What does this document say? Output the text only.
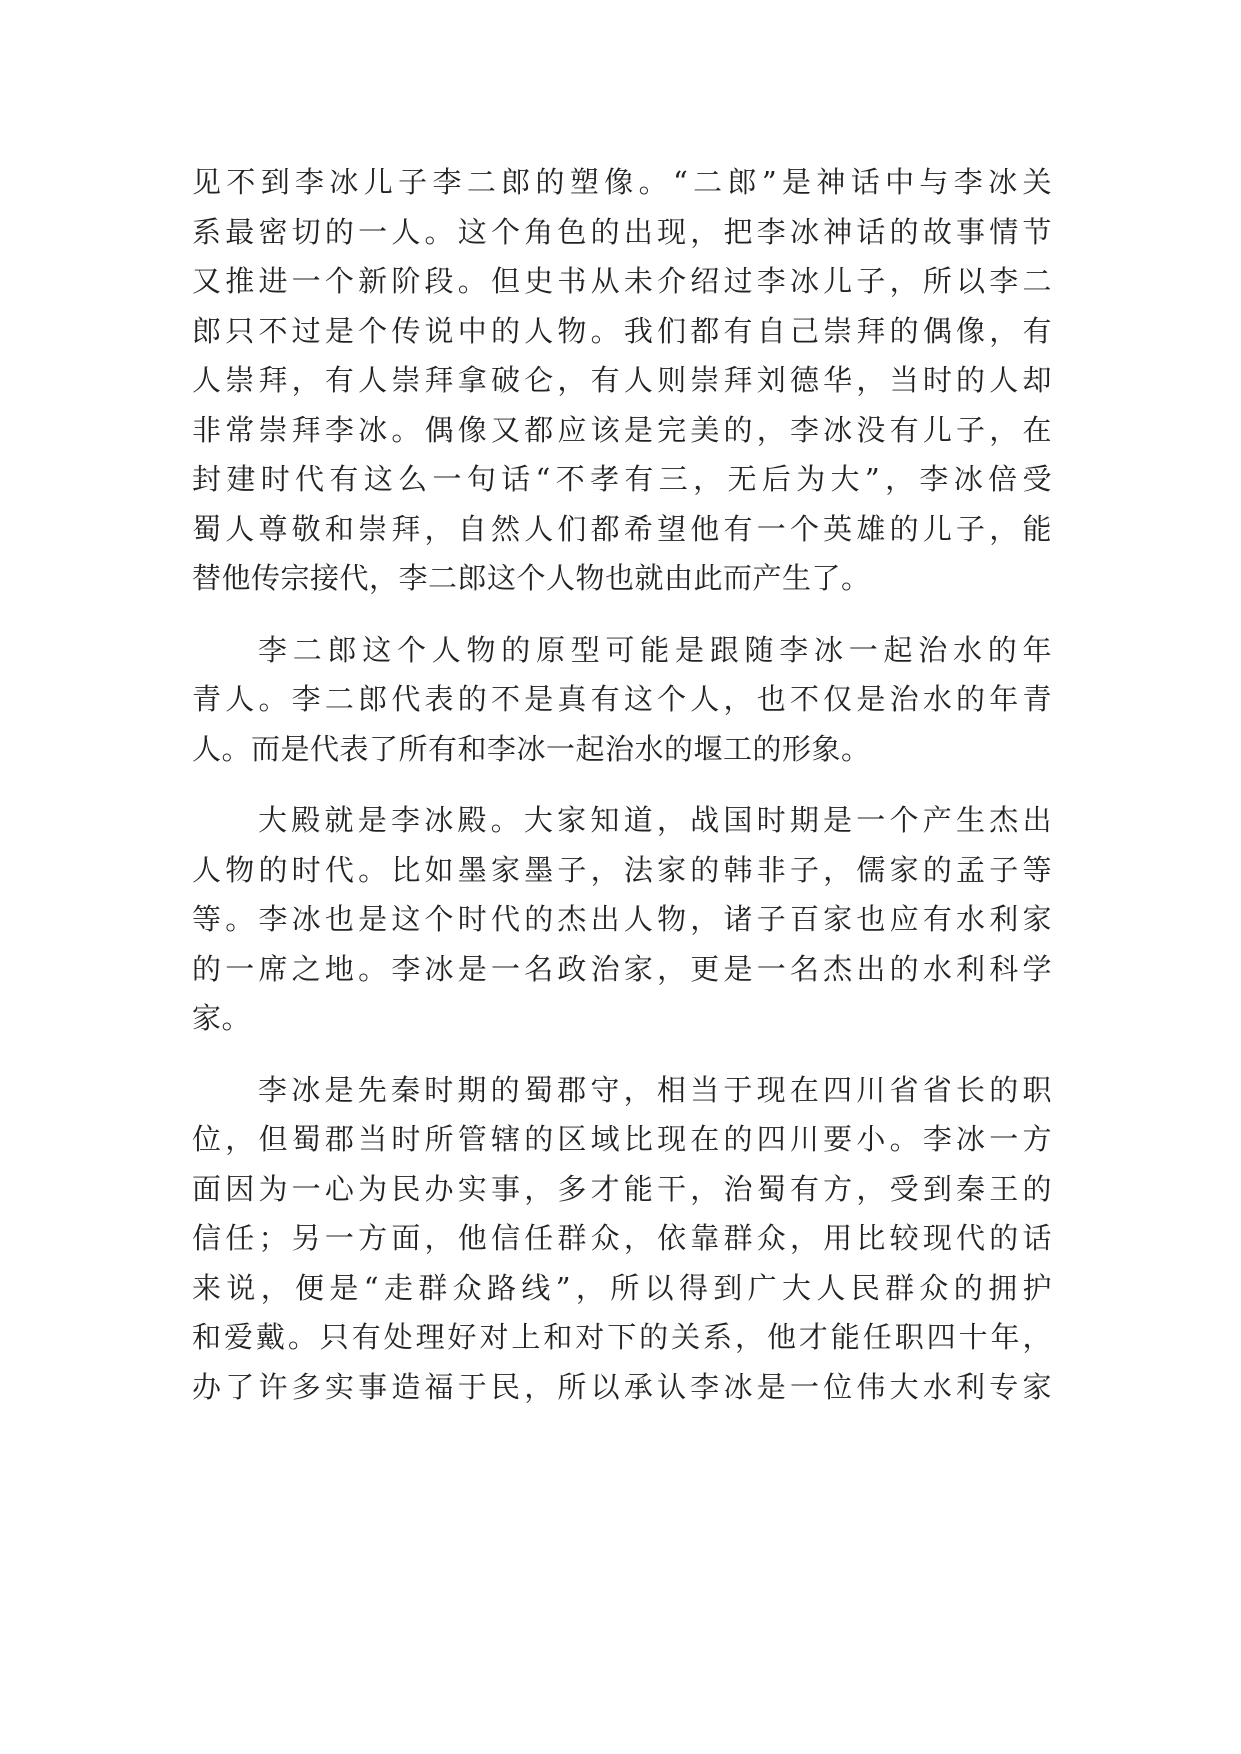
见不到李冰儿子李二郎的塑像。“二郎”是神话中与李冰关
系最密切的一人。这个角色的出现，把李冰神话的故事情节
又推进一个新阶段。但史书从未介绍过李冰儿子，所以李二
郎只不过是个传说中的人物。我们都有自己崇拜的偶像，有
人崇拜，有人崇拜拿破仑，有人则崇拜刘德华，当时的人却
非常崇拜李冰。偶像又都应该是完美的，李冰没有儿子，在
封建时代有这么一句话“不孝有三，无后为大”，李冰倍受
蜀人尊敬和崇拜，自然人们都希望他有一个英雄的儿子，能
替他传宗接代，李二郎这个人物也就由此而产生了。
李二郎这个人物的原型可能是跟随李冰一起治水的年
青人。李二郎代表的不是真有这个人，也不仅是治水的年青
人。而是代表了所有和李冰一起治水的堰工的形象。
大殿就是李冰殿。大家知道，战国时期是一个产生杰出
人物的时代。比如墨家墨子，法家的韩非子，儒家的孟子等
等。李冰也是这个时代的杰出人物，诸子百家也应有水利家
的一席之地。李冰是一名政治家，更是一名杰出的水利科学
家。
李冰是先秦时期的蜀郡守，相当于现在四川省省长的职
位，但蜀郡当时所管辖的区域比现在的四川要小。李冰一方
面因为一心为民办实事，多才能干，治蜀有方，受到秦王的
信任；另一方面，他信任群众，依靠群众，用比较现代的话
来说，便是“走群众路线”，所以得到广大人民群众的拥护
和爱戴。只有处理好对上和对下的关系，他才能任职四十年，
办了许多实事造福于民，所以承认李冰是一位伟大水利专家
